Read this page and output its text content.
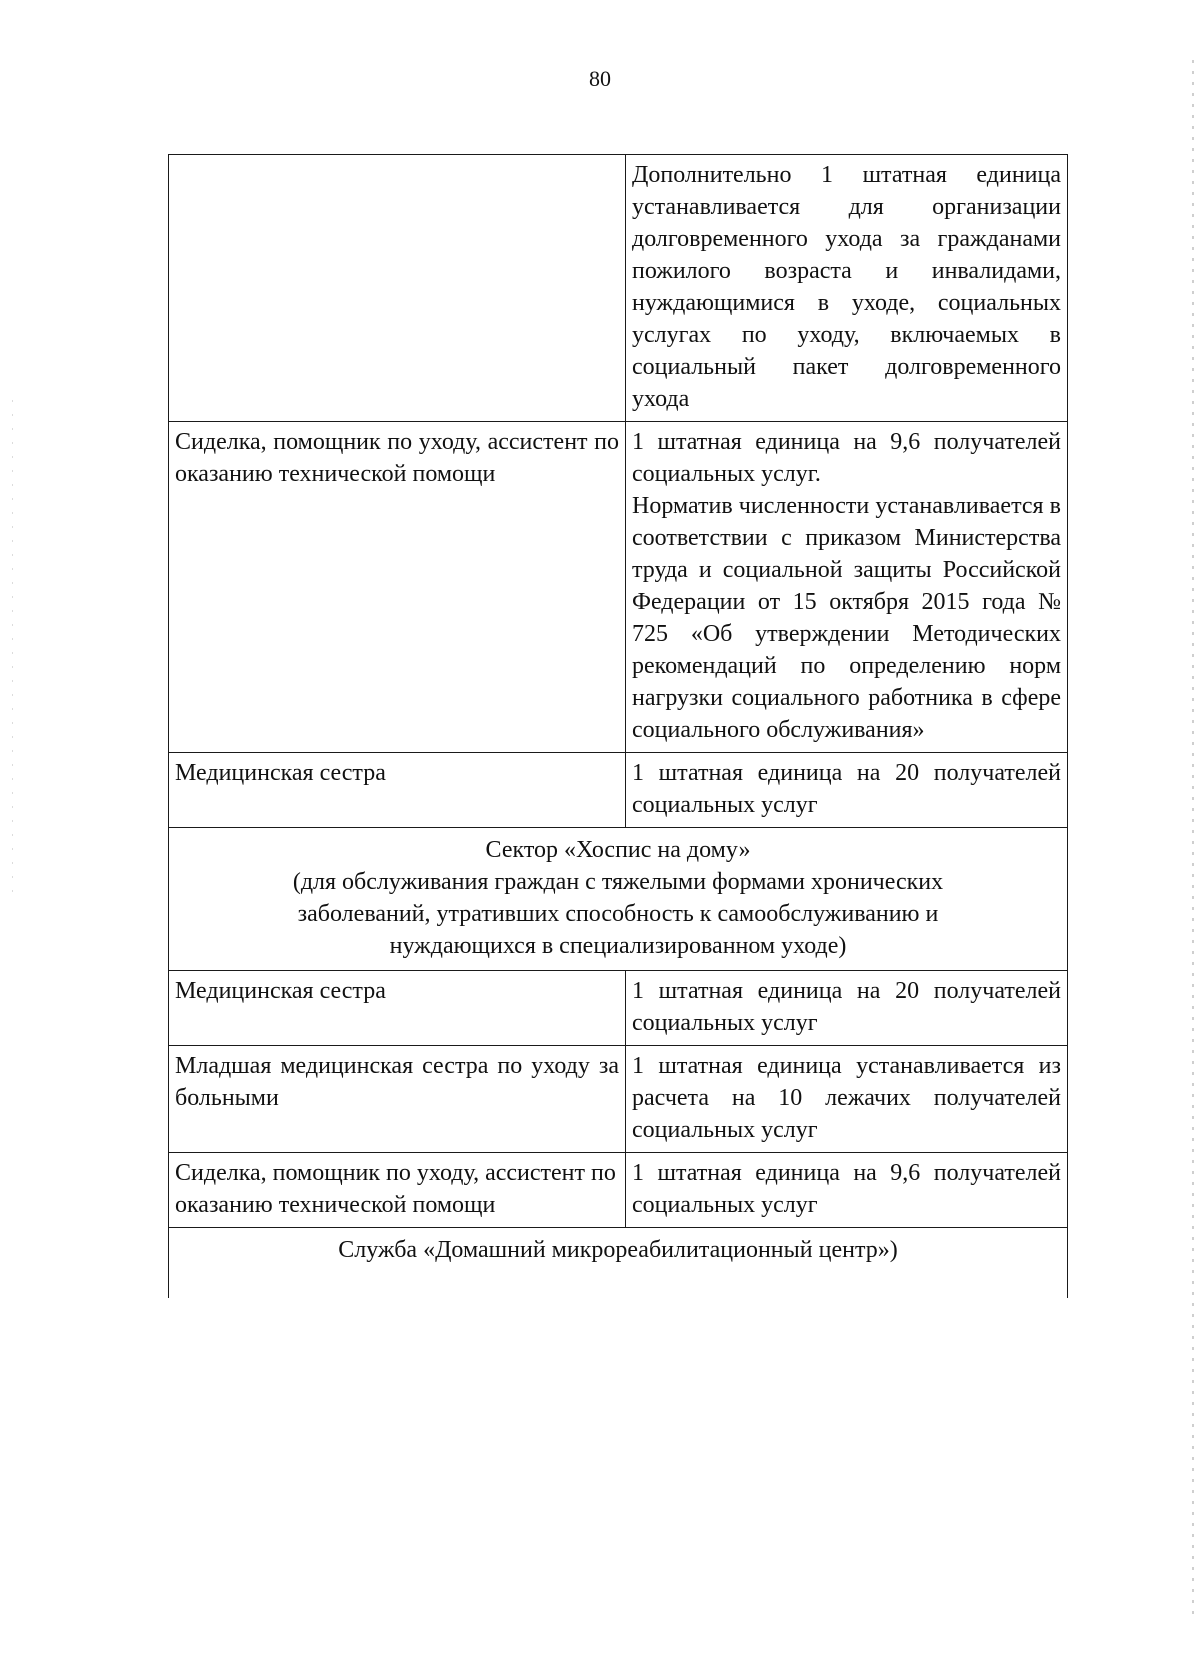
80

	Дополнительно 1 штатная единица устанавливается для организации долговременного ухода за гражданами пожилого возраста и инвалидами, нуждающимися в уходе, социальных услугах по уходу, включаемых в социальный пакет долговременного ухода

Сиделка, помощник по уходу, ассистент по оказанию технической помощи	1 штатная единица на 9,6 получателей социальных услуг.
Норматив численности устанавливается в соответствии с приказом Министерства труда и социальной защиты Российской Федерации от 15 октября 2015 года № 725 «Об утверждении Методических рекомендаций по определению норм нагрузки социального работника в сфере социального обслуживания»

Медицинская сестра	1 штатная единица на 20 получателей социальных услуг

Сектор «Хоспис на дому»
(для обслуживания граждан с тяжелыми формами хронических
заболеваний, утративших способность к самообслуживанию и
нуждающихся в специализированном уходе)	

Медицинская сестра	1 штатная единица на 20 получателей социальных услуг

Младшая медицинская сестра по уходу за больными	1 штатная единица устанавливается из расчета на 10 лежачих получателей социальных услуг

Сиделка, помощник по уходу, ассистент по оказанию технической помощи	1 штатная единица на 9,6 получателей социальных услуг

Служба «Домашний микрореабилитационный центр»)	
